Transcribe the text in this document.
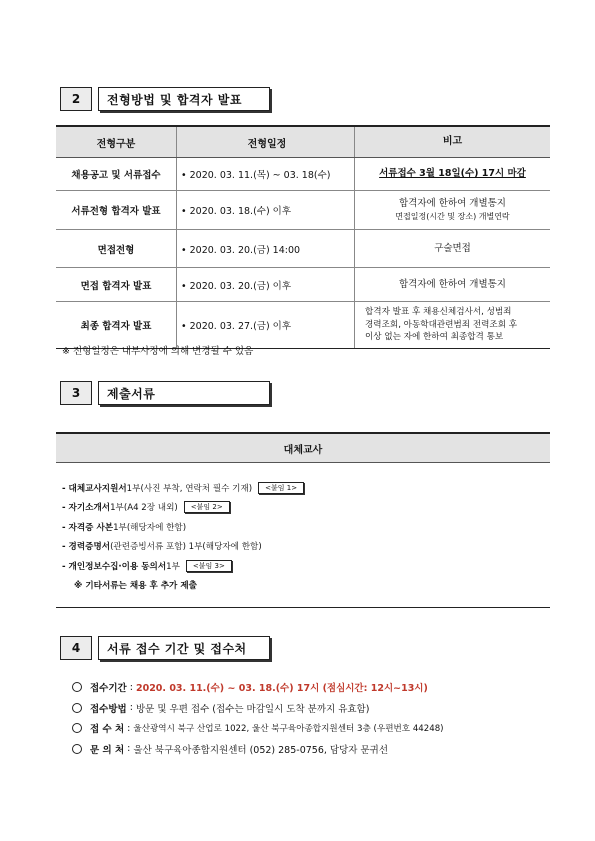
2	전형방법 및 합격자 발표
전형구분	전형일정	비고
채용공고 및 서류접수	• 2020. 03. 11.(목) ~ 03. 18(수)	서류접수 3월 18일(수) 17시 마감
서류전형 합격자 발표	• 2020. 03. 18.(수) 이후	합격자에 한하여 개별통지
면접일정(시간 및 장소) 개별연락

면접전형	• 2020. 03. 20.(금) 14:00	구술면접
면접 합격자 발표	• 2020. 03. 20.(금) 이후	합격자에 한하여 개별통지
최종 합격자 발표	• 2020. 03. 27.(금) 이후	합격자 발표 후 채용신체검사서, 성범죄
경력조회, 아동학대관련범죄 전력조회 후
이상 없는 자에 한하여 최종합격 통보
※ 전형일정은 내부사정에 의해 변경될 수 있음
3	제출서류
대체교사
- 대체교사지원서 1부(사진 부착, 연락처 필수 기재)	<붙임 1>
- 자기소개서 1부(A4 2장 내외)	<붙임 2>
- 자격증 사본 1부(해당자에 한함)
- 경력증명서 (관련증빙서류 포함) 1부(해당자에 한함)
- 개인정보수집·이용 동의서 1부	<붙임 3>
※ 기타서류는 채용 후 추가 제출
4	서류 접수 기간 및 접수처
접수기간 : 2020. 03. 11.(수) ~ 03. 18.(수) 17시 (점심시간: 12시~13시)
접수방법 : 방문 및 우편 접수 (접수는 마감일시 도착 분까지 유효함)
접 수 처 : 울산광역시 북구 산업로 1022, 울산 북구육아종합지원센터 3층 (우편번호 44248)
문 의 처 : 울산 북구육아종합지원센터 (052) 285-0756, 담당자 문귀선
